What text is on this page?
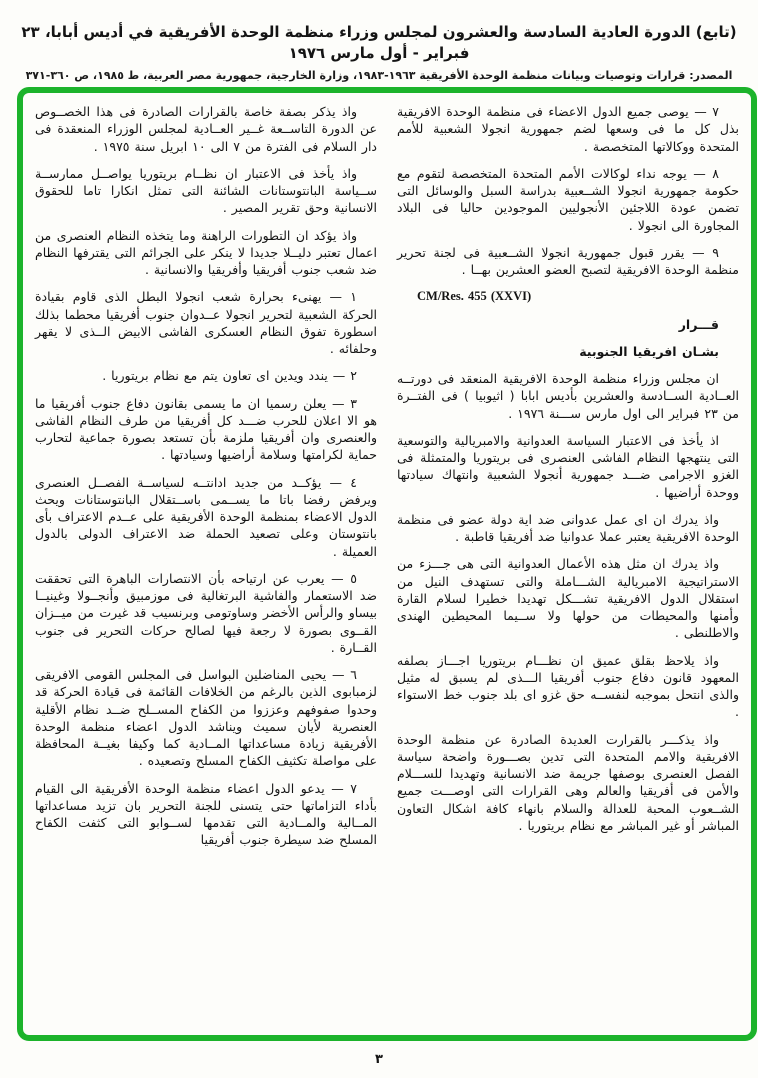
(تابع) الدورة العادية السادسة والعشرون لمجلس وزراء منظمة الوحدة الأفريقية في أديس أبابا، ٢٣ فبراير - أول مارس ١٩٧٦
المصدر: قرارات وتوصيات وبيانات منظمة الوحدة الأفريقية ١٩٦٣-١٩٨٣، وزارة الخارجية، جمهورية مصر العربية، ط ١٩٨٥، ص ٣٦٠-٣٧١

٧ — يوصى جميع الدول الاعضاء فى منظمة الوحدة الافريقية بذل كل ما فى وسعها لضم جمهورية انجولا الشعبية للأمم المتحدة ووكالاتها المتخصصة .

٨ — يوجه نداء لوكالات الأمم المتحدة المتخصصة لتقوم مع حكومة جمهورية انجولا الشــعبية بدراسة السبل والوسائل التى تضمن عودة اللاجئين الأنجوليين الموجودين حاليا فى البلاد المجاورة الى انجولا .

٩ — يقرر قبول جمهورية انجولا الشــعبية فى لجنة تحرير منظمة الوحدة الافريقية لتصبح العضو العشرين بهــا .

CM/Res. 455 (XXVI)

قـــرار

بشـان افريقيا الجنوبية

ان مجلس وزراء منظمة الوحدة الافريقية المنعقد فى دورتــه العــادية الســادسة والعشرين بأديس ابابا ( اثيوبيا ) فى الفتــرة من ٢٣ فبراير الى اول مارس ســـنة ١٩٧٦ .

اذ يأخذ فى الاعتبار السياسة العدوانية والامبريالية والتوسعية التى ينتهجها النظام الفاشى العنصرى فى بريتوريا والمتمثلة فى الغزو الاجرامى ضـــد جمهورية أنجولا الشعبية وانتهاك سيادتها ووحدة أراضيها .

واذ يدرك ان اى عمل عدوانى ضد اية دولة عضو فى منظمة الوحدة الافريقية يعتبر عملا عدوانيا ضد أفريقيا قاطبة .

واذ يدرك ان مثل هذه الأعمال العدوانية التى هى جـــزء من الاستراتيجية الامبريالية الشـــاملة والتى تستهدف النيل من استقلال الدول الافريقية تشـــكل تهديدا خطيرا لسلام القارة وأمنها والمحيطات من حولها ولا ســيما المحيطين الهندى والاطلنطى .

واذ يلاحظ بقلق عميق ان نظـــام بريتوريا اجـــاز بصلفه المعهود قانون دفاع جنوب أفريقيا الـــذى لم يسبق له مثيل والذى انتحل بموجبه لنفســه حق غزو اى بلد جنوب خط الاستواء .

واذ يذكـــر بالقرارت العديدة الصادرة عن منظمة الوحدة الافريقية والامم المتحدة التى تدين بصـــورة واضحة سياسة الفصل العنصرى بوصفها جريمة ضد الانسانية وتهديدا للســـلام والأمن فى أفريقيا والعالم وهى القرارات التى اوصـــت جميع الشــعوب المحبة للعدالة والسلام بانهاء كافة اشكال التعاون المباشر أو غير المباشر مع نظام بريتوريا .

واذ يذكر بصفة خاصة بالقرارات الصادرة فى هذا الخصــوص عن الدورة التاســعة غــير العــادية لمجلس الوزراء المنعقدة فى دار السلام فى الفترة من ٧ الى ١٠ ابريل سنة ١٩٧٥ .

واذ يأخذ فى الاعتبار ان نظــام بريتوريا يواصــل ممارســة ســياسة البانتوستانات الشائنة التى تمثل انكارا تاما للحقوق الانسانية وحق تقرير المصير .

واذ يؤكد ان التطورات الراهنة وما يتخذه النظام العنصرى من اعمال تعتبر دليــلا جديدا لا ينكر على الجرائم التى يقترفها النظام ضد شعب جنوب أفريقيا وأفريقيا والانسانية .

١ — يهنىء بحرارة شعب انجولا البطل الذى قاوم بقيادة الحركة الشعبية لتحرير انجولا عــدوان جنوب أفريقيا محطما بذلك اسطورة تفوق النظام العسكرى الفاشى الابيض الــذى لا يقهر وحلفائه .

٢ — يندد ويدين اى تعاون يتم مع نظام بريتوريا .

٣ — يعلن رسميا ان ما يسمى بقانون دفاع جنوب أفريقيا ما هو الا اعلان للحرب ضـــد كل أفريقيا من طرف النظام الفاشى والعنصرى وان أفريقيا ملزمة بأن تستعد بصورة جماعية لتحارب حماية لكرامتها وسلامة أراضيها وسيادتها .

٤ — يؤكــد من جديد ادانتــه لسياســة الفصــل العنصرى ويرفض رفضا باتا ما يســمى باســتقلال البانتوستانات ويحث الدول الاعضاء بمنظمة الوحدة الأفريقية على عــدم الاعتراف بأى بانتوستان وعلى تصعيد الحملة ضد الاعتراف الدولى بالدول العميلة .

٥ — يعرب عن ارتياحه بأن الانتصارات الباهرة التى تحققت ضد الاستعمار والفاشية البرتغالية فى موزمبيق وأنجــولا وغينيــا بيساو والرأس الأخضر وساوتومى وبرنسيب قد غيرت من ميــزان القــوى بصورة لا رجعة فيها لصالح حركات التحرير فى جنوب القــارة .

٦ — يحيى المناضلين البواسل فى المجلس القومى الافريقى لزمبابوى الذين بالرغم من الخلافات القائمة فى قيادة الحركة قد وحدوا صفوفهم وعززوا من الكفاح المســلح ضــد نظام الأقلية العنصرية لأيان سميث ويناشد الدول اعضاء منظمة الوحدة الأفريقية زيادة مساعداتها المــادية كما وكيفا بغيــة المحافظة على مواصلة تكثيف الكفاح المسلح وتصعيده .

٧ — يدعو الدول اعضاء منظمة الوحدة الأفريقية الى القيام بأداء التزاماتها حتى يتسنى للجنة التحرير بان تزيد مساعداتها المــالية والمــادية التى تقدمها لســوابو التى كثفت الكفاح المسلح ضد سيطرة جنوب أفريقيا

٣
